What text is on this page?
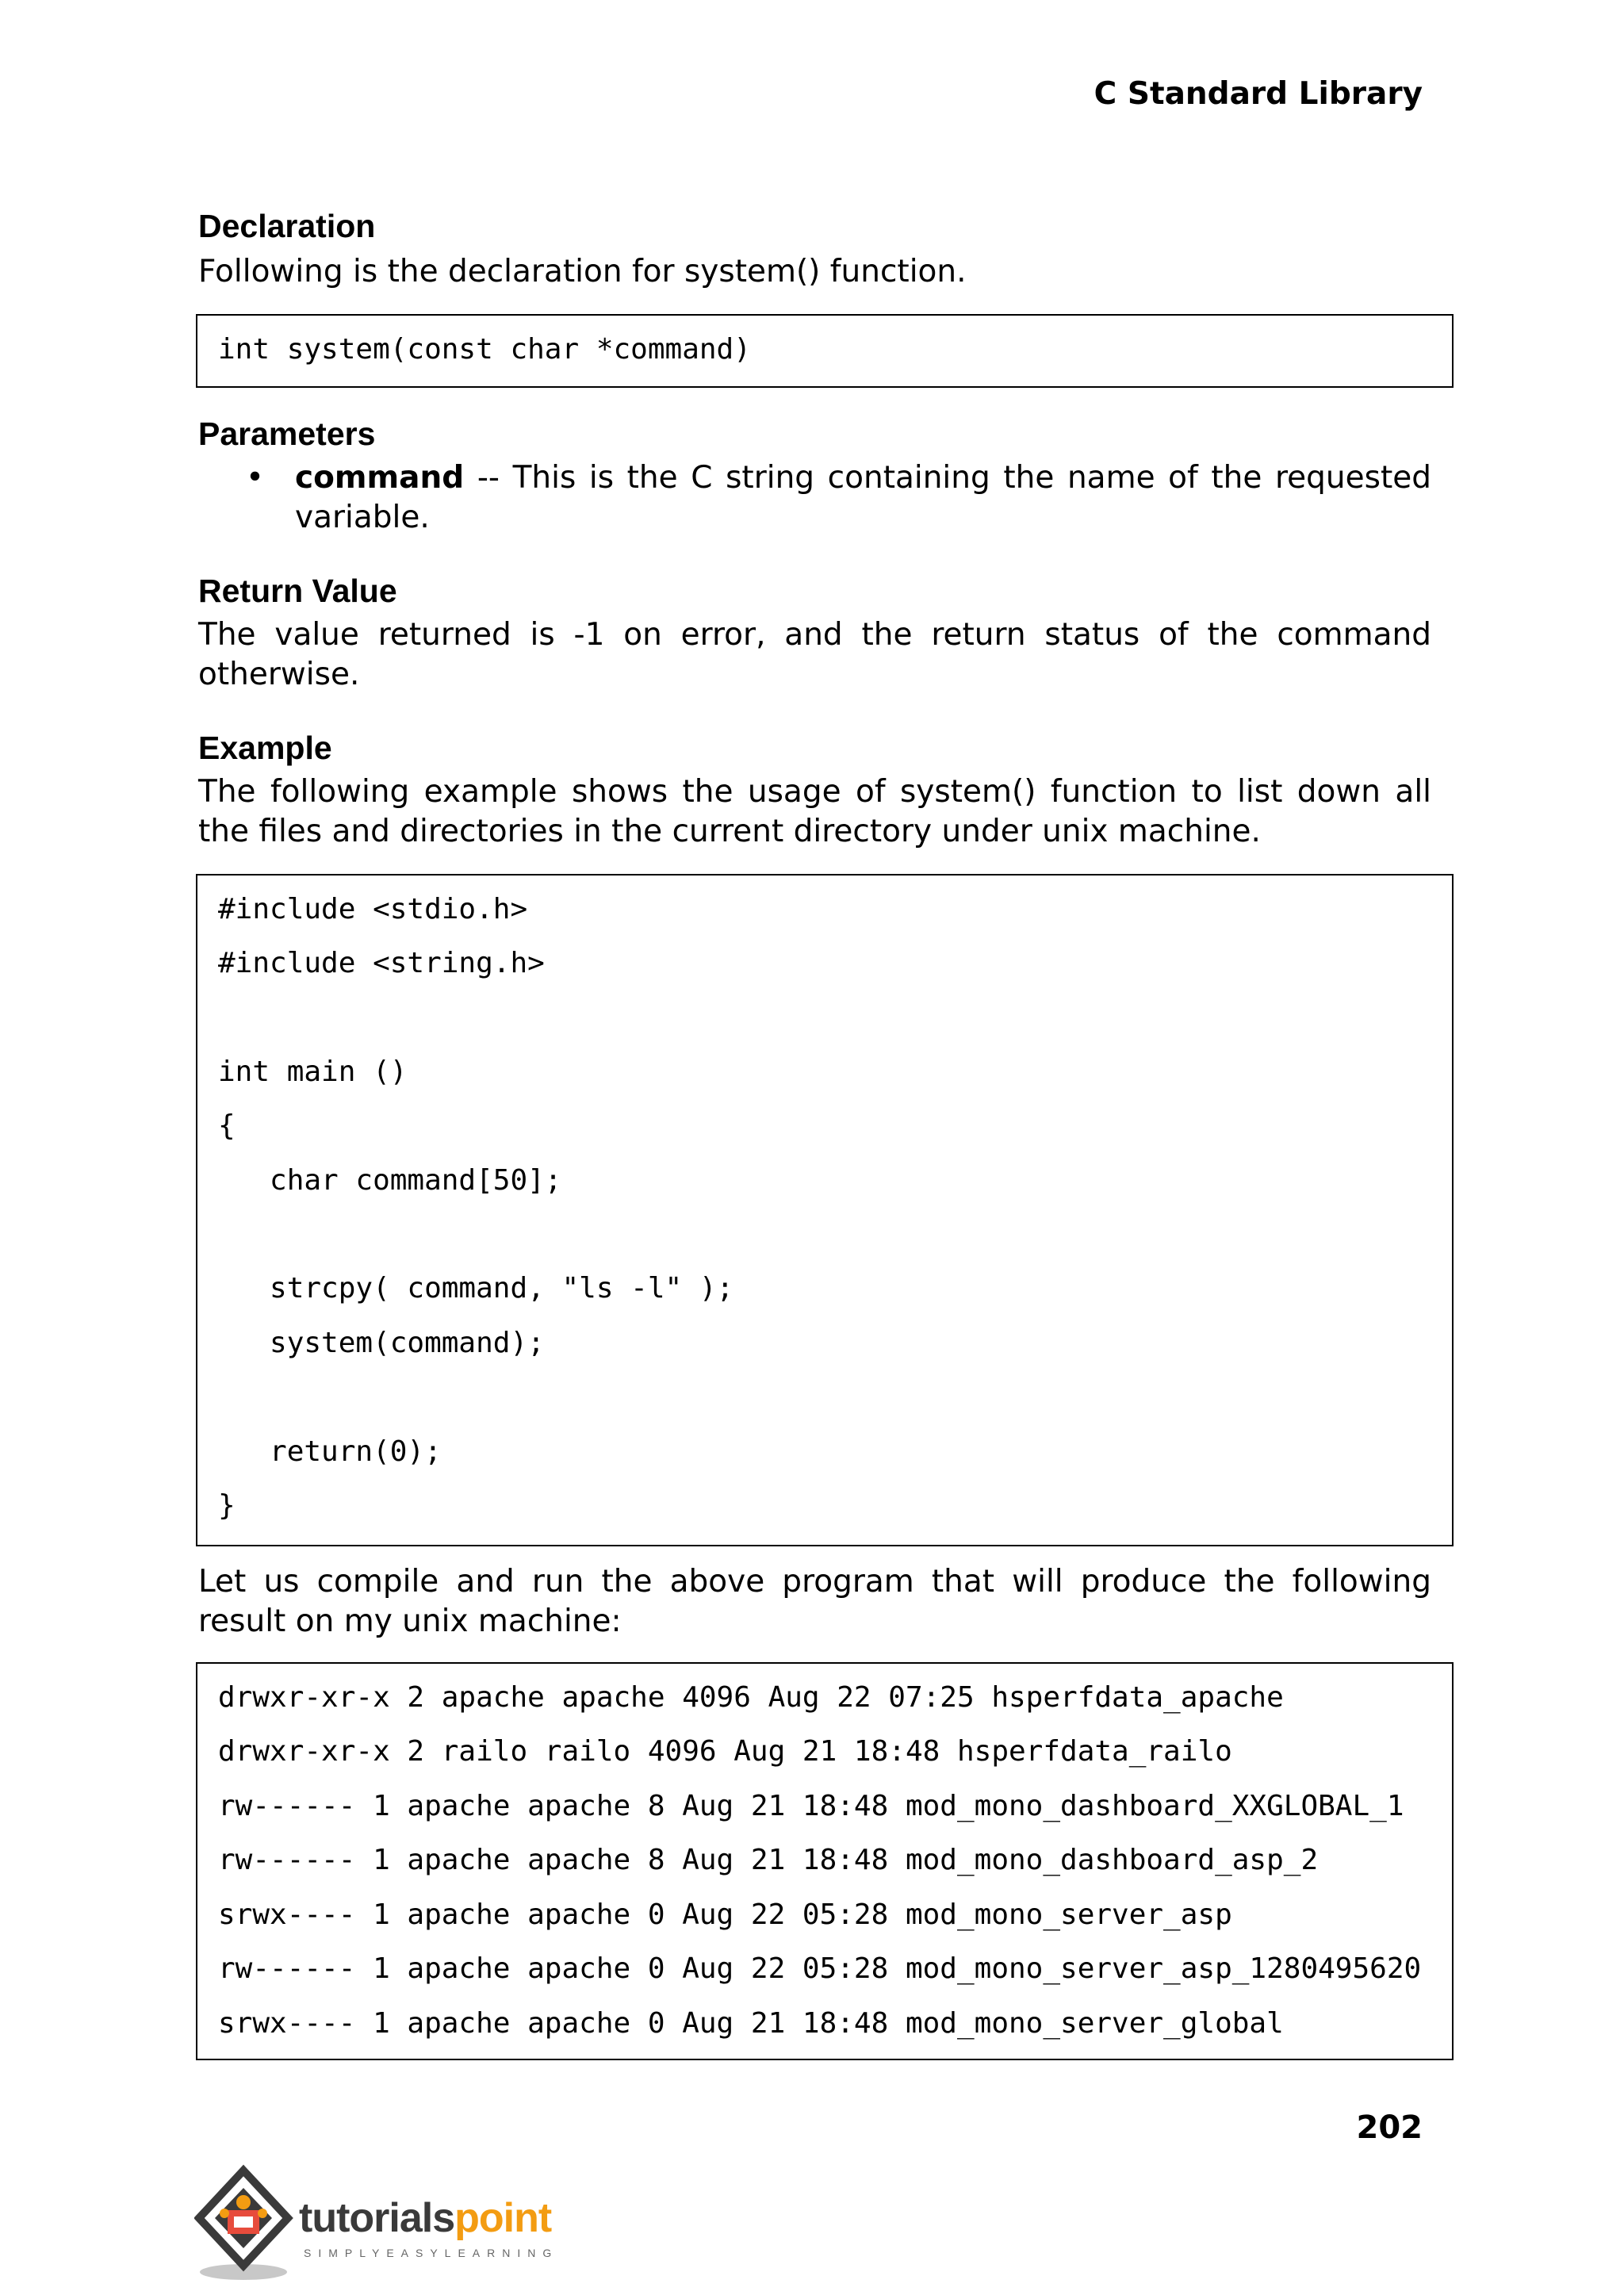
C Standard Library
Declaration
Following is the declaration for system() function.
int system(const char *command)
Parameters
• command -- This is the C string containing the name of the requested variable.
Return Value
The value returned is -1 on error, and the return status of the command otherwise.
Example
The following example shows the usage of system() function to list down all the files and directories in the current directory under unix machine.
#include <stdio.h>
#include <string.h>
int main ()
{
char command[50];
strcpy( command, "ls -l" );
system(command);
return(0);
}
Let us compile and run the above program that will produce the following result on my unix machine:
drwxr-xr-x 2 apache apache 4096 Aug 22 07:25 hsperfdata_apache
drwxr-xr-x 2 railo railo 4096 Aug 21 18:48 hsperfdata_railo
rw------ 1 apache apache 8 Aug 21 18:48 mod_mono_dashboard_XXGLOBAL_1
rw------ 1 apache apache 8 Aug 21 18:48 mod_mono_dashboard_asp_2
srwx---- 1 apache apache 0 Aug 22 05:28 mod_mono_server_asp
rw------ 1 apache apache 0 Aug 22 05:28 mod_mono_server_asp_1280495620
srwx---- 1 apache apache 0 Aug 21 18:48 mod_mono_server_global
202
tutorialspoint
SIMPLYEASYLEARNING
